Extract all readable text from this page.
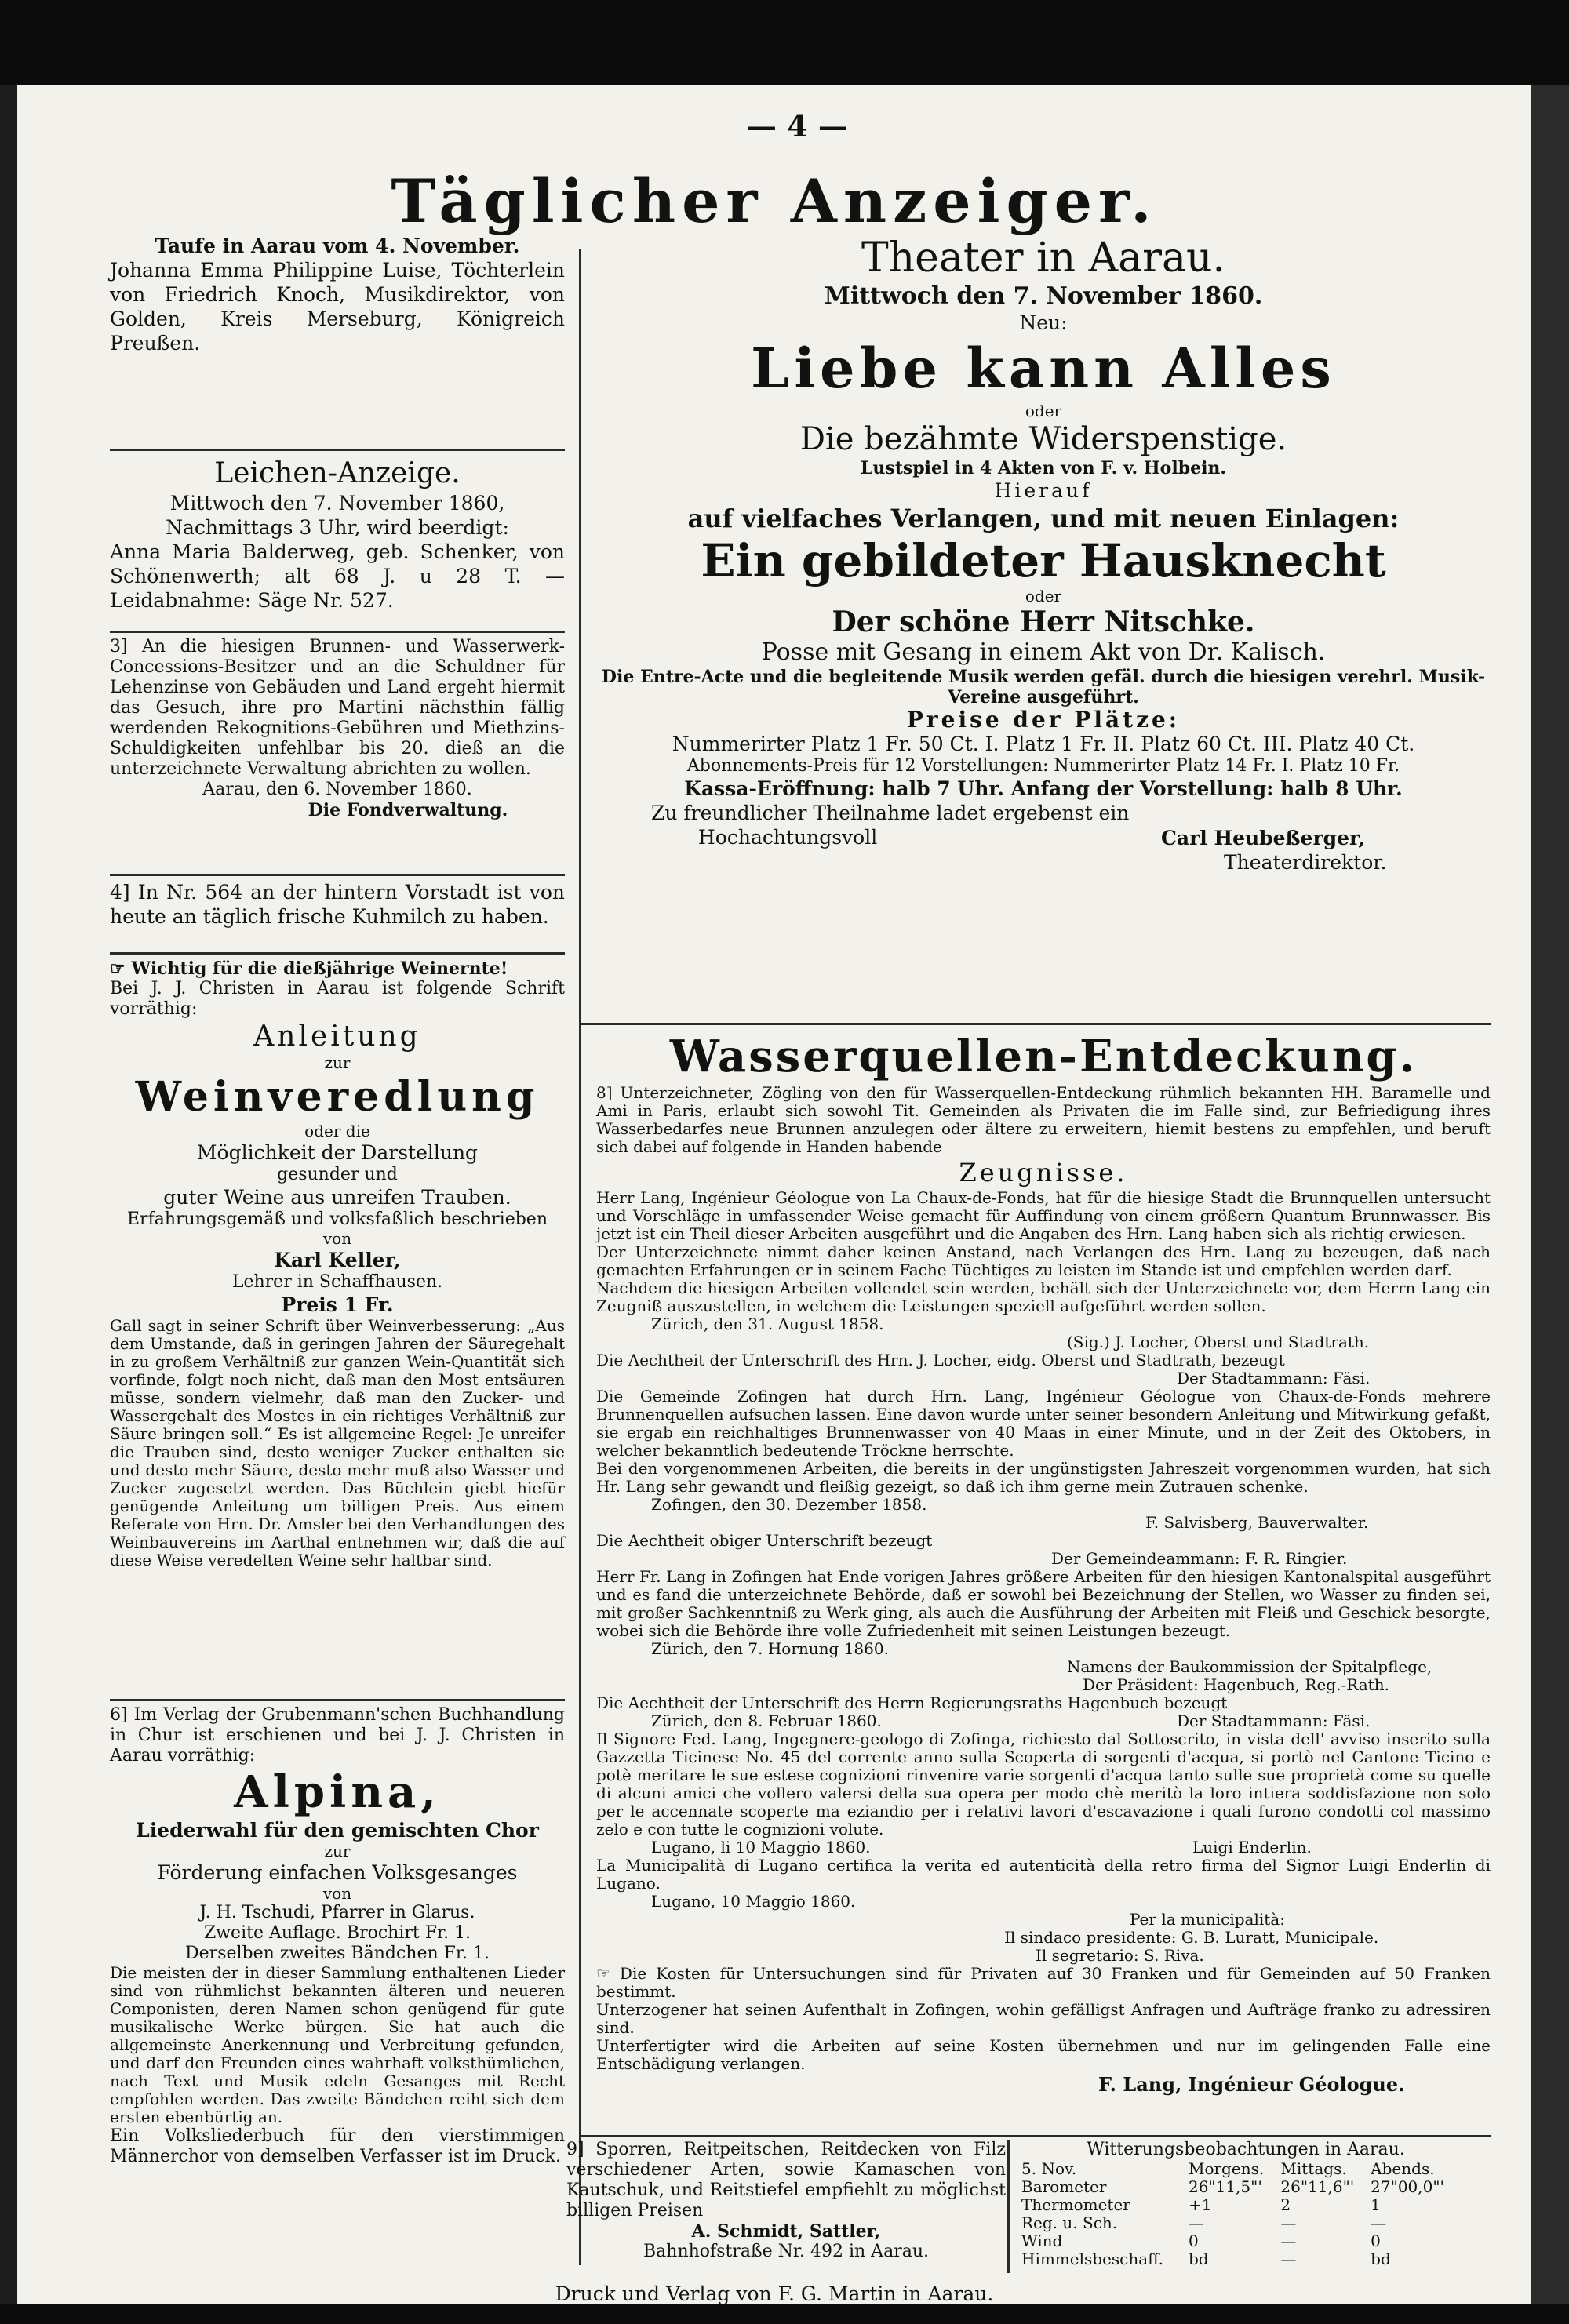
— 4 —
Täglicher Anzeiger.

Taufe in Aarau vom 4. November.

Johanna Emma Philippine Luise, Töchterlein von Friedrich Knoch, Musikdirektor, von Golden, Kreis Merseburg, Königreich Preußen.

Leichen-Anzeige.

Mittwoch den 7. November 1860,

Nachmittags 3 Uhr, wird beerdigt:

Anna Maria Balderweg, geb. Schenker, von Schönenwerth; alt 68 J. u 28 T. — Leidabnahme: Säge Nr. 527.

3] An die hiesigen Brunnen- und Wasserwerk-Concessions-Besitzer und an die Schuldner für Lehenzinse von Gebäuden und Land ergeht hiermit das Gesuch, ihre pro Martini nächsthin fällig werdenden Rekognitions-Gebühren und Miethzins-Schuldigkeiten unfehlbar bis 20. dieß an die unterzeichnete Verwaltung abrichten zu wollen.

Aarau, den 6. November 1860.

Die Fondverwaltung.

4] In Nr. 564 an der hintern Vorstadt ist von heute an täglich frische Kuhmilch zu haben.

☞ Wichtig für die dießjährige Weinernte!

Bei J. J. Christen in Aarau ist folgende Schrift vorräthig:

Anleitung

zur

Weinveredlung

oder die

Möglichkeit der Darstellung

gesunder und

guter Weine aus unreifen Trauben.

Erfahrungsgemäß und volksfaßlich beschrieben

von

Karl Keller,

Lehrer in Schaffhausen.

Preis 1 Fr.

Gall sagt in seiner Schrift über Weinverbesserung: „Aus dem Umstande, daß in geringen Jahren der Säuregehalt in zu großem Verhältniß zur ganzen Wein-Quantität sich vorfinde, folgt noch nicht, daß man den Most entsäuren müsse, sondern vielmehr, daß man den Zucker- und Wassergehalt des Mostes in ein richtiges Verhältniß zur Säure bringen soll.“ Es ist allgemeine Regel: Je unreifer die Trauben sind, desto weniger Zucker enthalten sie und desto mehr Säure, desto mehr muß also Wasser und Zucker zugesetzt werden. Das Büchlein giebt hiefür genügende Anleitung um billigen Preis. Aus einem Referate von Hrn. Dr. Amsler bei den Verhandlungen des Weinbauvereins im Aarthal entnehmen wir, daß die auf diese Weise veredelten Weine sehr haltbar sind.

6] Im Verlag der Grubenmann'schen Buchhandlung in Chur ist erschienen und bei J. J. Christen in Aarau vorräthig:

Alpina,

Liederwahl für den gemischten Chor

zur

Förderung einfachen Volksgesanges

von

J. H. Tschudi, Pfarrer in Glarus.

Zweite Auflage. Brochirt Fr. 1.

Derselben zweites Bändchen Fr. 1.

Die meisten der in dieser Sammlung enthaltenen Lieder sind von rühmlichst bekannten älteren und neueren Componisten, deren Namen schon genügend für gute musikalische Werke bürgen. Sie hat auch die allgemeinste Anerkennung und Verbreitung gefunden, und darf den Freunden eines wahrhaft volksthümlichen, nach Text und Musik edeln Gesanges mit Recht empfohlen werden. Das zweite Bändchen reiht sich dem ersten ebenbürtig an.

Ein Volksliederbuch für den vierstimmigen Männerchor von demselben Verfasser ist im Druck.

Theater in Aarau.

Mittwoch den 7. November 1860.

Neu:

Liebe kann Alles

oder

Die bezähmte Widerspenstige.

Lustspiel in 4 Akten von F. v. Holbein.

Hierauf

auf vielfaches Verlangen, und mit neuen Einlagen:

Ein gebildeter Hausknecht

oder

Der schöne Herr Nitschke.

Posse mit Gesang in einem Akt von Dr. Kalisch.

Die Entre-Acte und die begleitende Musik werden gefäl. durch die hiesigen verehrl. Musik-Vereine ausgeführt.

Preise der Plätze:

Nummerirter Platz 1 Fr. 50 Ct. I. Platz 1 Fr. II. Platz 60 Ct. III. Platz 40 Ct.

Abonnements-Preis für 12 Vorstellungen: Nummerirter Platz 14 Fr. I. Platz 10 Fr.

Kassa-Eröffnung: halb 7 Uhr. Anfang der Vorstellung: halb 8 Uhr.

Zu freundlicher Theilnahme ladet ergebenst ein

Hochachtungsvoll	Carl Heubeßerger,

Theaterdirektor.

Wasserquellen-Entdeckung.

8] Unterzeichneter, Zögling von den für Wasserquellen-Entdeckung rühmlich bekannten HH. Baramelle und Ami in Paris, erlaubt sich sowohl Tit. Gemeinden als Privaten die im Falle sind, zur Befriedigung ihres Wasserbedarfes neue Brunnen anzulegen oder ältere zu erweitern, hiemit bestens zu empfehlen, und beruft sich dabei auf folgende in Handen habende

Zeugnisse.

Herr Lang, Ingénieur Géologue von La Chaux-de-Fonds, hat für die hiesige Stadt die Brunnquellen untersucht und Vorschläge in umfassender Weise gemacht für Auffindung von einem größern Quantum Brunnwasser. Bis jetzt ist ein Theil dieser Arbeiten ausgeführt und die Angaben des Hrn. Lang haben sich als richtig erwiesen.

Der Unterzeichnete nimmt daher keinen Anstand, nach Verlangen des Hrn. Lang zu bezeugen, daß nach gemachten Erfahrungen er in seinem Fache Tüchtiges zu leisten im Stande ist und empfehlen werden darf.

Nachdem die hiesigen Arbeiten vollendet sein werden, behält sich der Unterzeichnete vor, dem Herrn Lang ein Zeugniß auszustellen, in welchem die Leistungen speziell aufgeführt werden sollen.

Zürich, den 31. August 1858.

(Sig.) J. Locher, Oberst und Stadtrath.

Die Aechtheit der Unterschrift des Hrn. J. Locher, eidg. Oberst und Stadtrath, bezeugt

Der Stadtammann: Fäsi.

Die Gemeinde Zofingen hat durch Hrn. Lang, Ingénieur Géologue von Chaux-de-Fonds mehrere Brunnenquellen aufsuchen lassen. Eine davon wurde unter seiner besondern Anleitung und Mitwirkung gefaßt, sie ergab ein reichhaltiges Brunnenwasser von 40 Maas in einer Minute, und in der Zeit des Oktobers, in welcher bekanntlich bedeutende Tröckne herrschte.

Bei den vorgenommenen Arbeiten, die bereits in der ungünstigsten Jahreszeit vorgenommen wurden, hat sich Hr. Lang sehr gewandt und fleißig gezeigt, so daß ich ihm gerne mein Zutrauen schenke.

Zofingen, den 30. Dezember 1858.

F. Salvisberg, Bauverwalter.

Die Aechtheit obiger Unterschrift bezeugt

Der Gemeindeammann: F. R. Ringier.

Herr Fr. Lang in Zofingen hat Ende vorigen Jahres größere Arbeiten für den hiesigen Kantonalspital ausgeführt und es fand die unterzeichnete Behörde, daß er sowohl bei Bezeichnung der Stellen, wo Wasser zu finden sei, mit großer Sachkenntniß zu Werk ging, als auch die Ausführung der Arbeiten mit Fleiß und Geschick besorgte, wobei sich die Behörde ihre volle Zufriedenheit mit seinen Leistungen bezeugt.

Zürich, den 7. Hornung 1860.

Namens der Baukommission der Spitalpflege,

Der Präsident: Hagenbuch, Reg.-Rath.

Die Aechtheit der Unterschrift des Herrn Regierungsraths Hagenbuch bezeugt

Zürich, den 8. Februar 1860.	Der Stadtammann: Fäsi.

Il Signore Fed. Lang, Ingegnere-geologo di Zofinga, richiesto dal Sottoscrito, in vista dell' avviso inserito sulla Gazzetta Ticinese No. 45 del corrente anno sulla Scoperta di sorgenti d'acqua, si portò nel Cantone Ticino e potè meritare le sue estese cognizioni rinvenire varie sorgenti d'acqua tanto sulle sue proprietà come su quelle di alcuni amici che vollero valersi della sua opera per modo chè meritò la loro intiera soddisfazione non solo per le accennate scoperte ma eziandio per i relativi lavori d'escavazione i quali furono condotti col massimo zelo e con tutte le cognizioni volute.

Lugano, li 10 Maggio 1860.	Luigi Enderlin.

La Municipalità di Lugano certifica la verita ed autenticità della retro firma del Signor Luigi Enderlin di Lugano.

Lugano, 10 Maggio 1860.

Per la municipalità:

Il sindaco presidente: G. B. Luratt, Municipale.

Il segretario: S. Riva.

☞ Die Kosten für Untersuchungen sind für Privaten auf 30 Franken und für Gemeinden auf 50 Franken bestimmt.

Unterzogener hat seinen Aufenthalt in Zofingen, wohin gefälligst Anfragen und Aufträge franko zu adressiren sind.

Unterfertigter wird die Arbeiten auf seine Kosten übernehmen und nur im gelingenden Falle eine Entschädigung verlangen.

F. Lang, Ingénieur Géologue.

9] Sporren, Reitpeitschen, Reitdecken von Filz verschiedener Arten, sowie Kamaschen von Kautschuk, und Reitstiefel empfiehlt zu möglichst billigen Preisen

A. Schmidt, Sattler,

Bahnhofstraße Nr. 492 in Aarau.

Witterungsbeobachtungen in Aarau.

5. Nov.	Morgens.	Mittags.	Abends.
Barometer	26"11,5"'	26"11,6"'	27"00,0"'
Thermometer	+1	2	1
Reg. u. Sch.	—	—	—
Wind	0	—	0
Himmelsbeschaff.	bd	—	bd
Druck und Verlag von F. G. Martin in Aarau.
